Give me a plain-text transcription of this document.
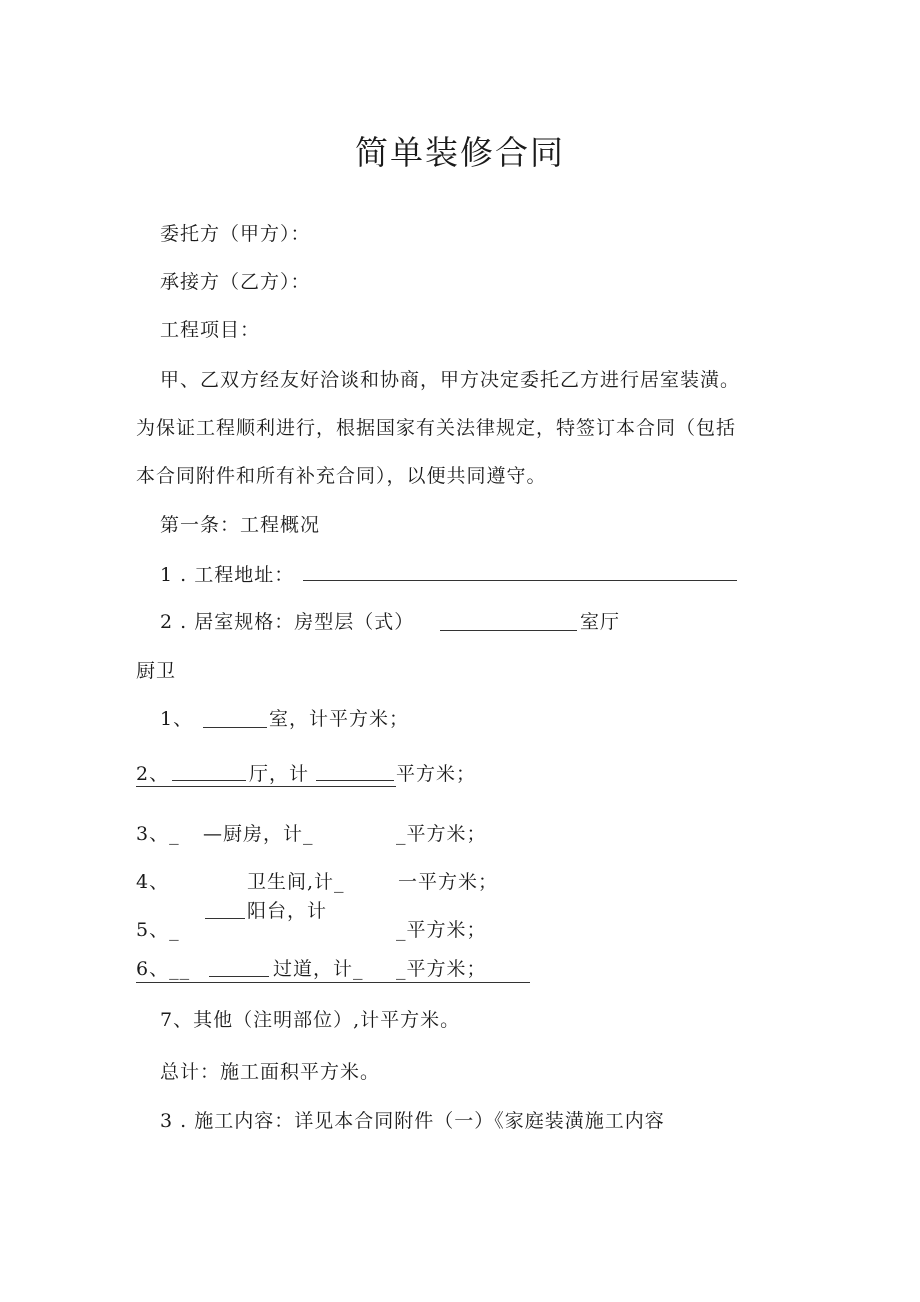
简单装修合同
委托方（甲方）：
承接方（乙方）：
工程项目：
甲、乙双方经友好洽谈和协商，甲方决定委托乙方进行居室装潢。
为保证工程顺利进行，根据国家有关法律规定，特签订本合同（包括
本合同附件和所有补充合同），以便共同遵守。
第一条：工程概况
1 . 工程地址：
2 . 居室规格：房型层（式）	室厅
厨卫
1、	室，计平方米；
2、	厅，计	平方米；
3、_ —厨房，计_	_平方米；
4、	卫生间,计_	一平方米；
阳台，计
5、_	_平方米；
6、__	过道，计_ _平方米；
7、其他（注明部位）,计平方米。
总计：施工面积平方米。
3 . 施工内容：详见本合同附件（一）《家庭装潢施工内容
